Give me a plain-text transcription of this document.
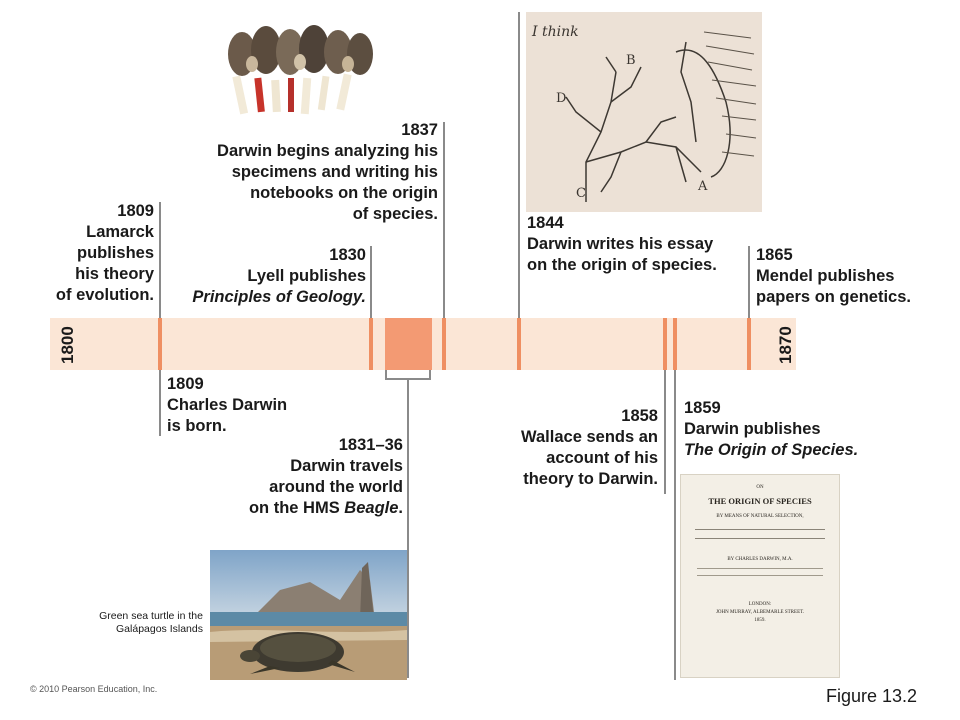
1800	1870
1809
Lamarck
publishes
his theory
of evolution.
1830
Lyell publishes
Principles of Geology.
1837
Darwin begins analyzing his
specimens and writing his
notebooks on the origin
of species.	1844
Darwin writes his essay
on the origin of species.
1865
Mendel publishes
papers on genetics.
1809
Charles Darwin
is born.
1831–36
Darwin travels
around the world
on the HMS Beagle.
1858
Wallace sends an
account of his
theory to Darwin.
1859
Darwin publishes
The Origin of Species.
I think
D
B
C	A
Green sea turtle in the
Galápagos Islands
ON
THE ORIGIN OF SPECIES
BY MEANS OF NATURAL SELECTION,
BY CHARLES DARWIN, M.A.
LONDON:
JOHN MURRAY, ALBEMARLE STREET.
1859.
© 2010 Pearson Education, Inc.	Figure 13.2
